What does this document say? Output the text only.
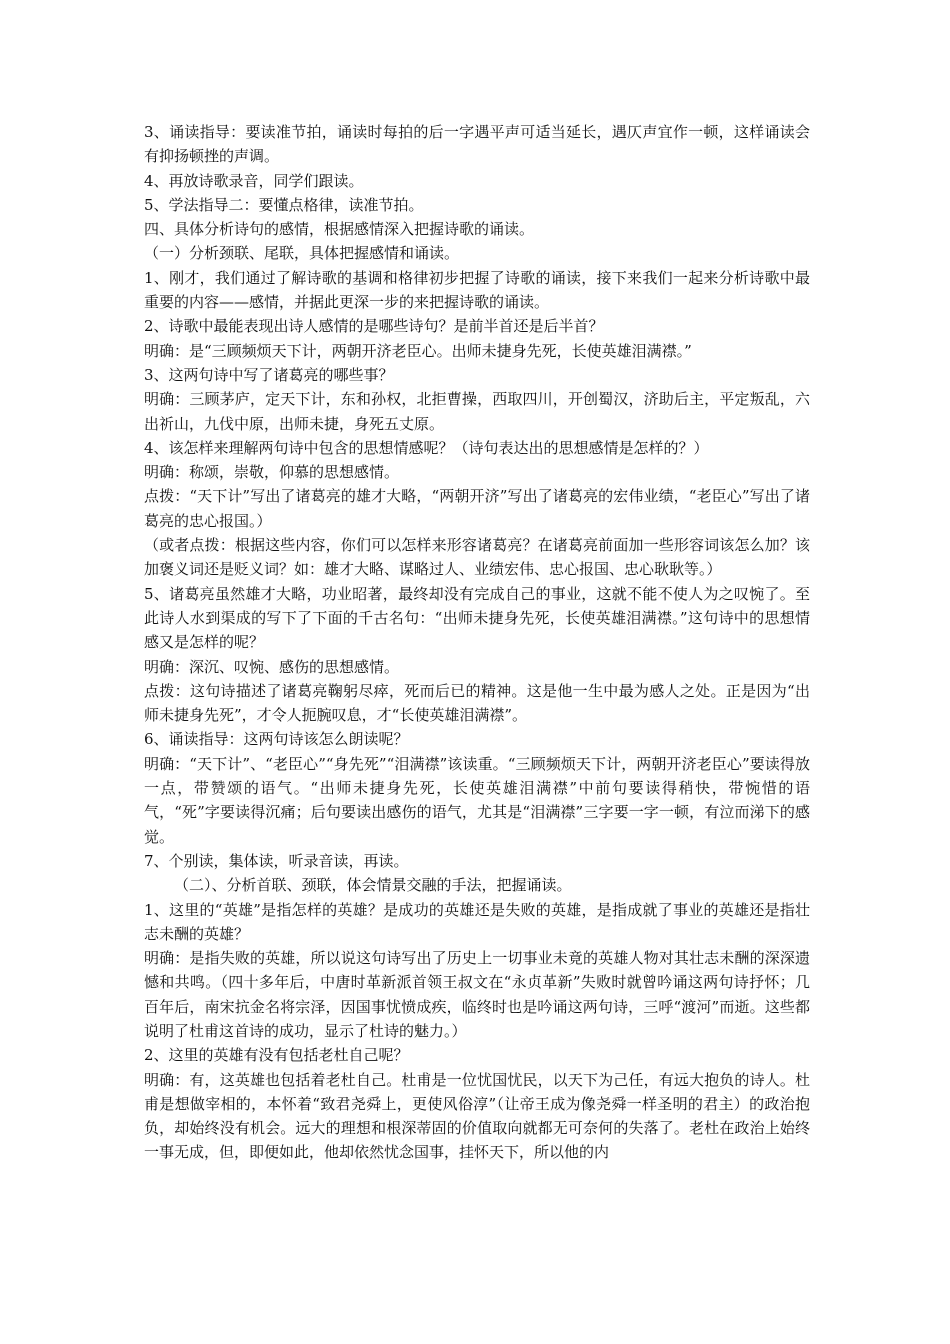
3、诵读指导：要读准节拍，诵读时每拍的后一字遇平声可适当延长，遇仄声宜作一顿，这样诵读会有抑扬顿挫的声调。

4、再放诗歌录音，同学们跟读。

5、学法指导二：要懂点格律，读准节拍。

四、具体分析诗句的感情，根据感情深入把握诗歌的诵读。

（一）分析颈联、尾联，具体把握感情和诵读。

1、刚才，我们通过了解诗歌的基调和格律初步把握了诗歌的诵读，接下来我们一起来分析诗歌中最重要的内容——感情，并据此更深一步的来把握诗歌的诵读。

2、诗歌中最能表现出诗人感情的是哪些诗句？是前半首还是后半首？

明确：是“三顾频烦天下计，两朝开济老臣心。出师未捷身先死，长使英雄泪满襟。”

3、这两句诗中写了诸葛亮的哪些事？

明确：三顾茅庐，定天下计，东和孙权，北拒曹操，西取四川，开创蜀汉，济助后主，平定叛乱，六出祈山，九伐中原，出师未捷，身死五丈原。

4、该怎样来理解两句诗中包含的思想情感呢？（诗句表达出的思想感情是怎样的？）

明确：称颂，崇敬，仰慕的思想感情。

点拨：“天下计”写出了诸葛亮的雄才大略，“两朝开济”写出了诸葛亮的宏伟业绩，“老臣心”写出了诸葛亮的忠心报国。）

（或者点拨：根据这些内容，你们可以怎样来形容诸葛亮？在诸葛亮前面加一些形容词该怎么加？该加褒义词还是贬义词？如：雄才大略、谋略过人、业绩宏伟、忠心报国、忠心耿耿等。）

5、诸葛亮虽然雄才大略，功业昭著，最终却没有完成自己的事业，这就不能不使人为之叹惋了。至此诗人水到渠成的写下了下面的千古名句：“出师未捷身先死，长使英雄泪满襟。”这句诗中的思想情感又是怎样的呢？

明确：深沉、叹惋、感伤的思想感情。

点拨：这句诗描述了诸葛亮鞠躬尽瘁，死而后已的精神。这是他一生中最为感人之处。正是因为“出师未捷身先死”，才令人扼腕叹息，才“长使英雄泪满襟”。

6、诵读指导：这两句诗该怎么朗读呢？

明确：“天下计”、“老臣心”“身先死”“泪满襟”该读重。“三顾频烦天下计，两朝开济老臣心”要读得放一点，带赞颂的语气。“出师未捷身先死，长使英雄泪满襟”中前句要读得稍快，带惋惜的语气，“死”字要读得沉痛；后句要读出感伤的语气，尤其是“泪满襟”三字要一字一顿，有泣而涕下的感觉。

7、个别读，集体读，听录音读，再读。

（二）、分析首联、颈联，体会情景交融的手法，把握诵读。

1、这里的“英雄”是指怎样的英雄？是成功的英雄还是失败的英雄，是指成就了事业的英雄还是指壮志未酬的英雄？

明确：是指失败的英雄，所以说这句诗写出了历史上一切事业未竟的英雄人物对其壮志未酬的深深遗憾和共鸣。（四十多年后，中唐时革新派首领王叔文在“永贞革新”失败时就曾吟诵这两句诗抒怀；几百年后，南宋抗金名将宗泽，因国事忧愤成疾，临终时也是吟诵这两句诗，三呼“渡河”而逝。这些都说明了杜甫这首诗的成功，显示了杜诗的魅力。）

2、这里的英雄有没有包括老杜自己呢？

明确：有，这英雄也包括着老杜自己。杜甫是一位忧国忧民，以天下为己任，有远大抱负的诗人。杜甫是想做宰相的，本怀着“致君尧舜上，更使风俗淳”（让帝王成为像尧舜一样圣明的君主）的政治抱负，却始终没有机会。远大的理想和根深蒂固的价值取向就都无可奈何的失落了。老杜在政治上始终一事无成，但，即便如此，他却依然忧念国事，挂怀天下，所以他的内
